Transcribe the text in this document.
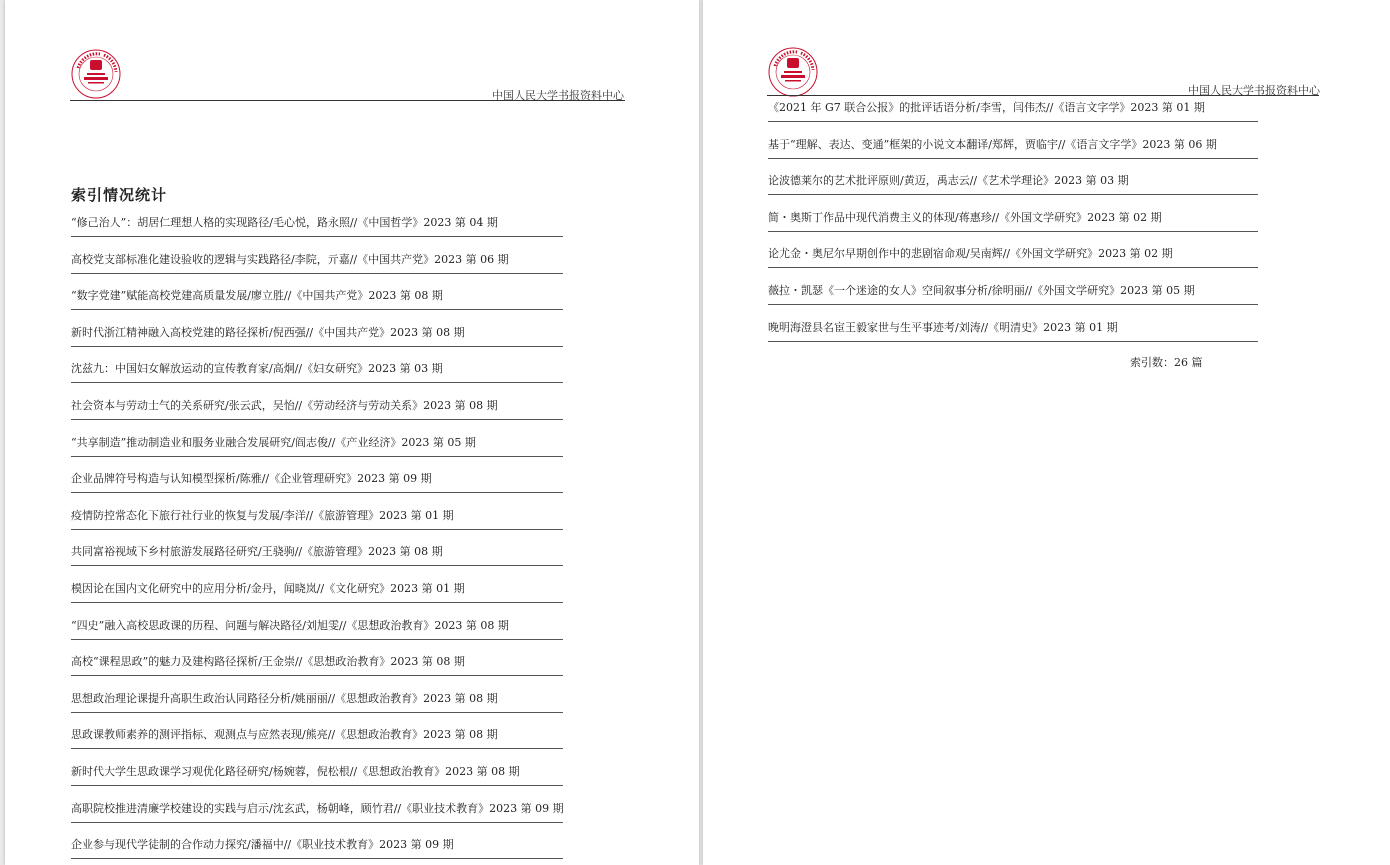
中国人民大学书报资料中心
索引情况统计
“修己治人”：胡居仁理想人格的实现路径/毛心悦，路永照//《中国哲学》2023 第 04 期
高校党支部标准化建设验收的逻辑与实践路径/李院，亓嘉//《中国共产党》2023 第 06 期
“数字党建”赋能高校党建高质量发展/廖立胜//《中国共产党》2023 第 08 期
新时代浙江精神融入高校党建的路径探析/倪西强//《中国共产党》2023 第 08 期
沈兹九：中国妇女解放运动的宣传教育家/高炯//《妇女研究》2023 第 03 期
社会资本与劳动士气的关系研究/张云武，吴怡//《劳动经济与劳动关系》2023 第 08 期
“共享制造”推动制造业和服务业融合发展研究/阎志俊//《产业经济》2023 第 05 期
企业品牌符号构造与认知模型探析/陈雅//《企业管理研究》2023 第 09 期
疫情防控常态化下旅行社行业的恢复与发展/李洋//《旅游管理》2023 第 01 期
共同富裕视域下乡村旅游发展路径研究/王骁驹//《旅游管理》2023 第 08 期
模因论在国内文化研究中的应用分析/金丹，闻晓岚//《文化研究》2023 第 01 期
“四史”融入高校思政课的历程、问题与解决路径/刘旭雯//《思想政治教育》2023 第 08 期
高校“课程思政”的魅力及建构路径探析/王金崇//《思想政治教育》2023 第 08 期
思想政治理论课提升高职生政治认同路径分析/姚丽丽//《思想政治教育》2023 第 08 期
思政课教师素养的测评指标、观测点与应然表现/熊亮//《思想政治教育》2023 第 08 期
新时代大学生思政课学习观优化路径研究/杨婉蓉，倪松根//《思想政治教育》2023 第 08 期
高职院校推进清廉学校建设的实践与启示/沈玄武，杨朝峰，顾竹君//《职业技术教育》2023 第 09 期
企业参与现代学徒制的合作动力探究/潘福中//《职业技术教育》2023 第 09 期
中国人民大学书报资料中心
《2021 年 G7 联合公报》的批评话语分析/李雪，闫伟杰//《语言文字学》2023 第 01 期
基于“理解、表达、变通”框架的小说文本翻译/郑辉，贾临宇//《语言文字学》2023 第 06 期
论波德莱尔的艺术批评原则/黄迈，禹志云//《艺术学理论》2023 第 03 期
简・奥斯丁作品中现代消费主义的体现/蒋惠珍//《外国文学研究》2023 第 02 期
论尤金・奥尼尔早期创作中的悲剧宿命观/吴南辉//《外国文学研究》2023 第 02 期
薇拉・凯瑟《一个迷途的女人》空间叙事分析/徐明丽//《外国文学研究》2023 第 05 期
晚明海澄县名宦王毅家世与生平事迹考/刘涛//《明清史》2023 第 01 期
索引数：26 篇
